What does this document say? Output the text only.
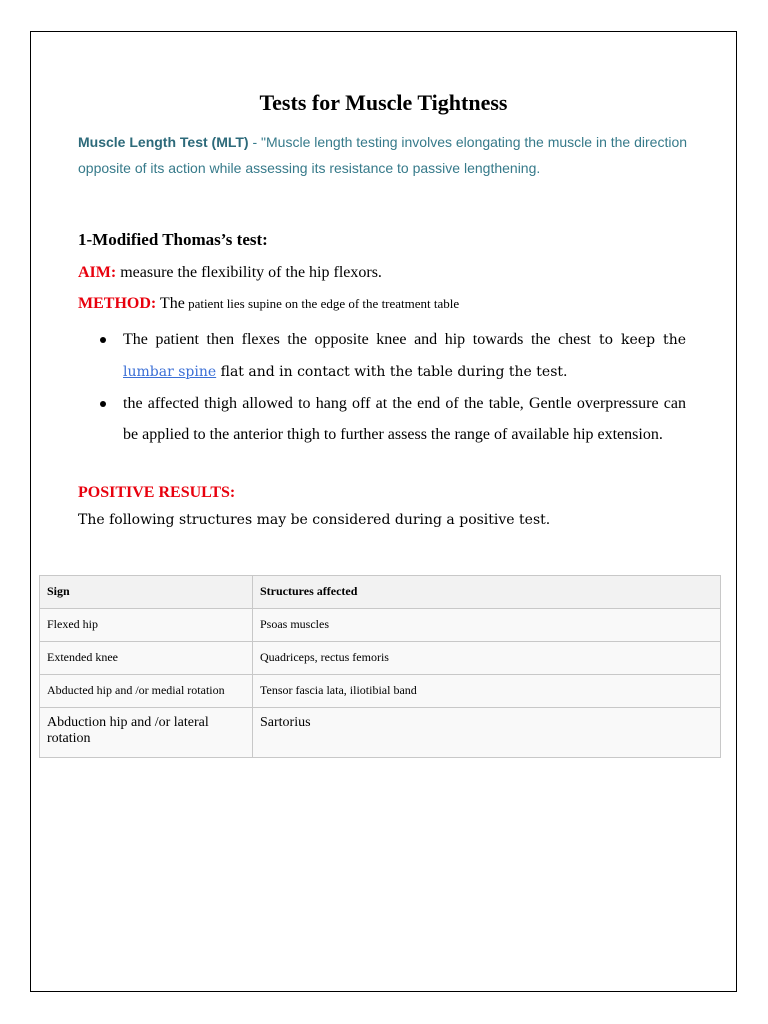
Tests for Muscle Tightness
Muscle Length Test (MLT) - "Muscle length testing involves elongating the muscle in the direction opposite of its action while assessing its resistance to passive lengthening.
1-Modified Thomas’s test:
AIM: measure the flexibility of the hip flexors.
METHOD: The patient lies supine on the edge of the treatment table
The patient then flexes the opposite knee and hip towards the chest to keep the lumbar spine flat and in contact with the table during the test.
the affected thigh allowed to hang off at the end of the table, Gentle overpressure can be applied to the anterior thigh to further assess the range of available hip extension.
POSITIVE RESULTS:
The following structures may be considered during a positive test.
Sign	Structures affected
Flexed hip	Psoas muscles
Extended knee	Quadriceps, rectus femoris
Abducted hip and /or medial rotation	Tensor fascia lata, iliotibial band
Abduction hip and /or lateral rotation	Sartorius
